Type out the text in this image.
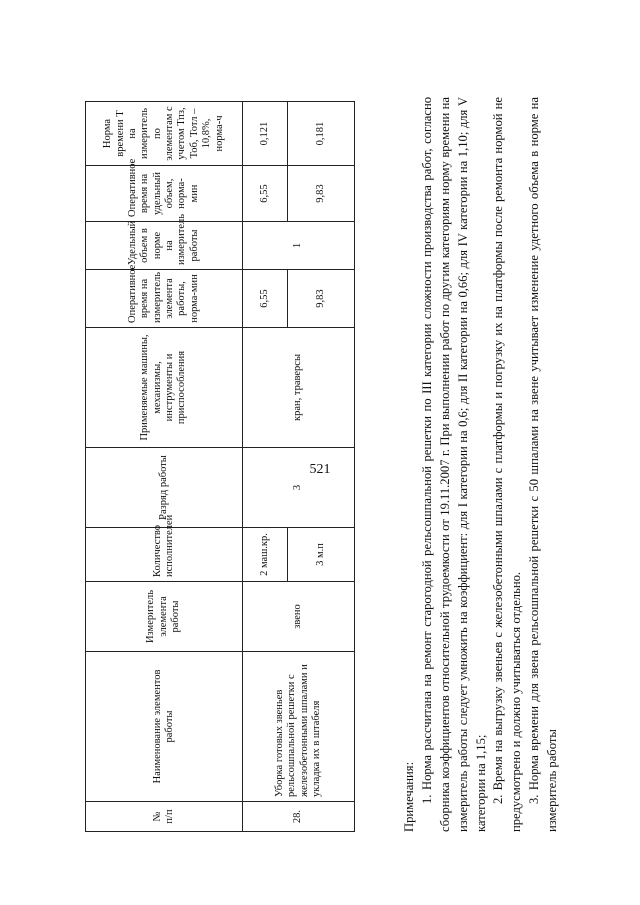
521
№ п/п	Наименование элементов работы	Измеритель элемента работы	Количество исполнителей	Разряд работы	Применяемые машины, механизмы, инструменты и приспособления	Оперативное время на измеритель элемента работы, норма-мин	Удельный объем в норме на измеритель работы	Оперативное время на удельный объем, норма-мин	Норма времени Т на измеритель по элементам с учетом Тпз, Тоб, Тотл – 10,8%, норма-ч
28.	Уборка готовых звеньев рельсошпальной решетки с железобетонными шпалами и укладка их в штабеля	звено	2 маш.кр.	3	кран, траверсы	6,55	1	6,55	0,121
			3 м.п			9,83		9,83	0,181

Примечания: 1. Норма рассчитана на ремонт старогодной рельсошпальной решетки по III категории сложности производства работ, согласно сборника коэффициентов относительной трудоемкости от 19.11.2007 г. При выполнении работ по другим категориям норму времени на измеритель работы следует умножить на коэффициент: для I категории на 0,6; для II категории на 0,66; для IV категории на 1,10; для V категории на 1,15; 2. Время на выгрузку звеньев с железобетонными шпалами с платформы и погрузку их на платформы после ремонта нормой не предусмотрено и должно учитываться отдельно. 3. Норма времени для звена рельсошпальной решетки с 50 шпалами на звене учитывает изменение удетного объема в норме на измеритель работы
